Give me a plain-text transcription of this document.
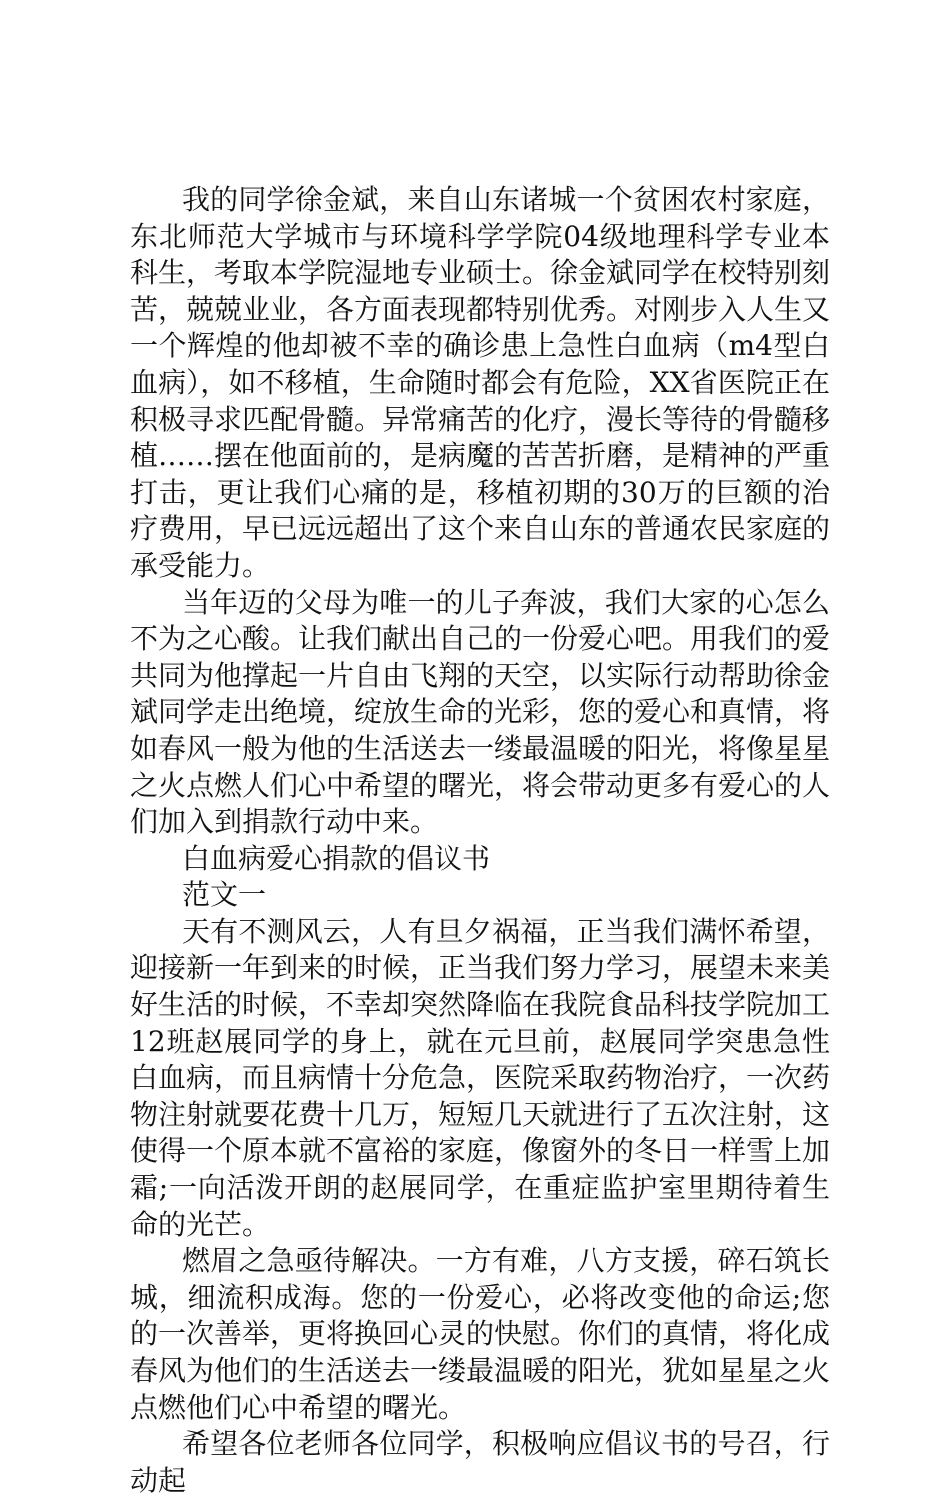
我的同学徐金斌，来自山东诸城一个贫困农村家庭，东北师范大学城市与环境科学学院04级地理科学专业本科生，考取本学院湿地专业硕士。徐金斌同学在校特别刻苦，兢兢业业，各方面表现都特别优秀。对刚步入人生又一个辉煌的他却被不幸的确诊患上急性白血病（m4型白血病），如不移植，生命随时都会有危险，XX省医院正在积极寻求匹配骨髓。异常痛苦的化疗，漫长等待的骨髓移植……摆在他面前的，是病魔的苦苦折磨，是精神的严重打击，更让我们心痛的是，移植初期的30万的巨额的治疗费用，早已远远超出了这个来自山东的普通农民家庭的承受能力。

当年迈的父母为唯一的儿子奔波，我们大家的心怎么不为之心酸。让我们献出自己的一份爱心吧。用我们的爱共同为他撑起一片自由飞翔的天空，以实际行动帮助徐金斌同学走出绝境，绽放生命的光彩，您的爱心和真情，将如春风一般为他的生活送去一缕最温暖的阳光，将像星星之火点燃人们心中希望的曙光，将会带动更多有爱心的人们加入到捐款行动中来。

白血病爱心捐款的倡议书

范文一

天有不测风云，人有旦夕祸福，正当我们满怀希望，迎接新一年到来的时候，正当我们努力学习，展望未来美好生活的时候，不幸却突然降临在我院食品科技学院加工12班赵展同学的身上，就在元旦前，赵展同学突患急性白血病，而且病情十分危急，医院采取药物治疗，一次药物注射就要花费十几万，短短几天就进行了五次注射，这使得一个原本就不富裕的家庭，像窗外的冬日一样雪上加霜;一向活泼开朗的赵展同学，在重症监护室里期待着生命的光芒。

燃眉之急亟待解决。一方有难，八方支援，碎石筑长城，细流积成海。您的一份爱心，必将改变他的命运;您的一次善举，更将换回心灵的快慰。你们的真情，将化成春风为他们的生活送去一缕最温暖的阳光，犹如星星之火点燃他们心中希望的曙光。

希望各位老师各位同学，积极响应倡议书的号召，行动起
